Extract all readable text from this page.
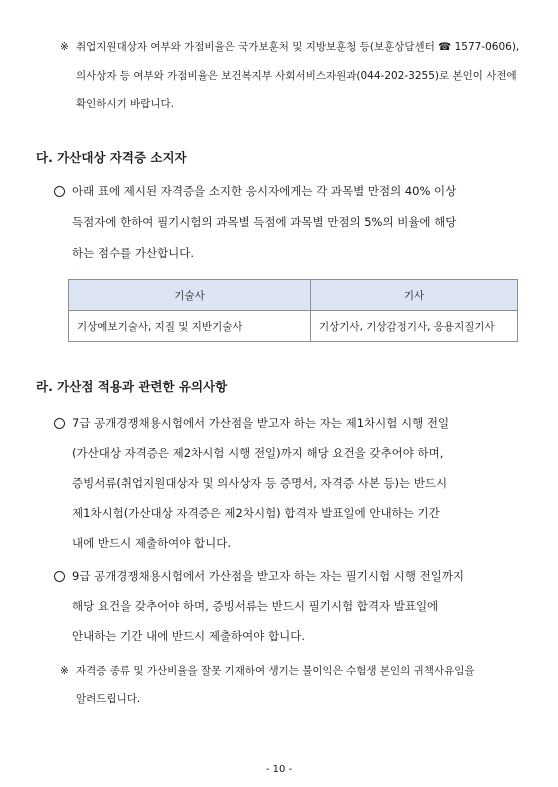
※ 취업지원대상자 여부와 가점비율은 국가보훈처 및 지방보훈청 등(보훈상담센터 ☎ 1577-0606),
의사상자 등 여부와 가점비율은 보건복지부 사회서비스자원과(044-202-3255)로 본인이 사전에
확인하시기 바랍니다.
다. 가산대상 자격증 소지자
아래 표에 제시된 자격증을 소지한 응시자에게는 각 과목별 만점의 40% 이상
득점자에 한하여 필기시험의 과목별 득점에 과목별 만점의 5%의 비율에 해당
하는 점수를 가산합니다.
기술사	기사
기상예보기술사, 지질 및 지반기술사	기상기사, 기상감정기사, 응용지질기사
라. 가산점 적용과 관련한 유의사항
7급 공개경쟁채용시험에서 가산점을 받고자 하는 자는 제1차시험 시행 전일
(가산대상 자격증은 제2차시험 시행 전일)까지 해당 요건을 갖추어야 하며,
증빙서류(취업지원대상자 및 의사상자 등 증명서, 자격증 사본 등)는 반드시
제1차시험(가산대상 자격증은 제2차시험) 합격자 발표일에 안내하는 기간
내에 반드시 제출하여야 합니다.
9급 공개경쟁채용시험에서 가산점을 받고자 하는 자는 필기시험 시행 전일까지
해당 요건을 갖추어야 하며, 증빙서류는 반드시 필기시험 합격자 발표일에
안내하는 기간 내에 반드시 제출하여야 합니다.
※ 자격증 종류 및 가산비율을 잘못 기재하여 생기는 불이익은 수험생 본인의 귀책사유임을
알려드립니다.
- 10 -
